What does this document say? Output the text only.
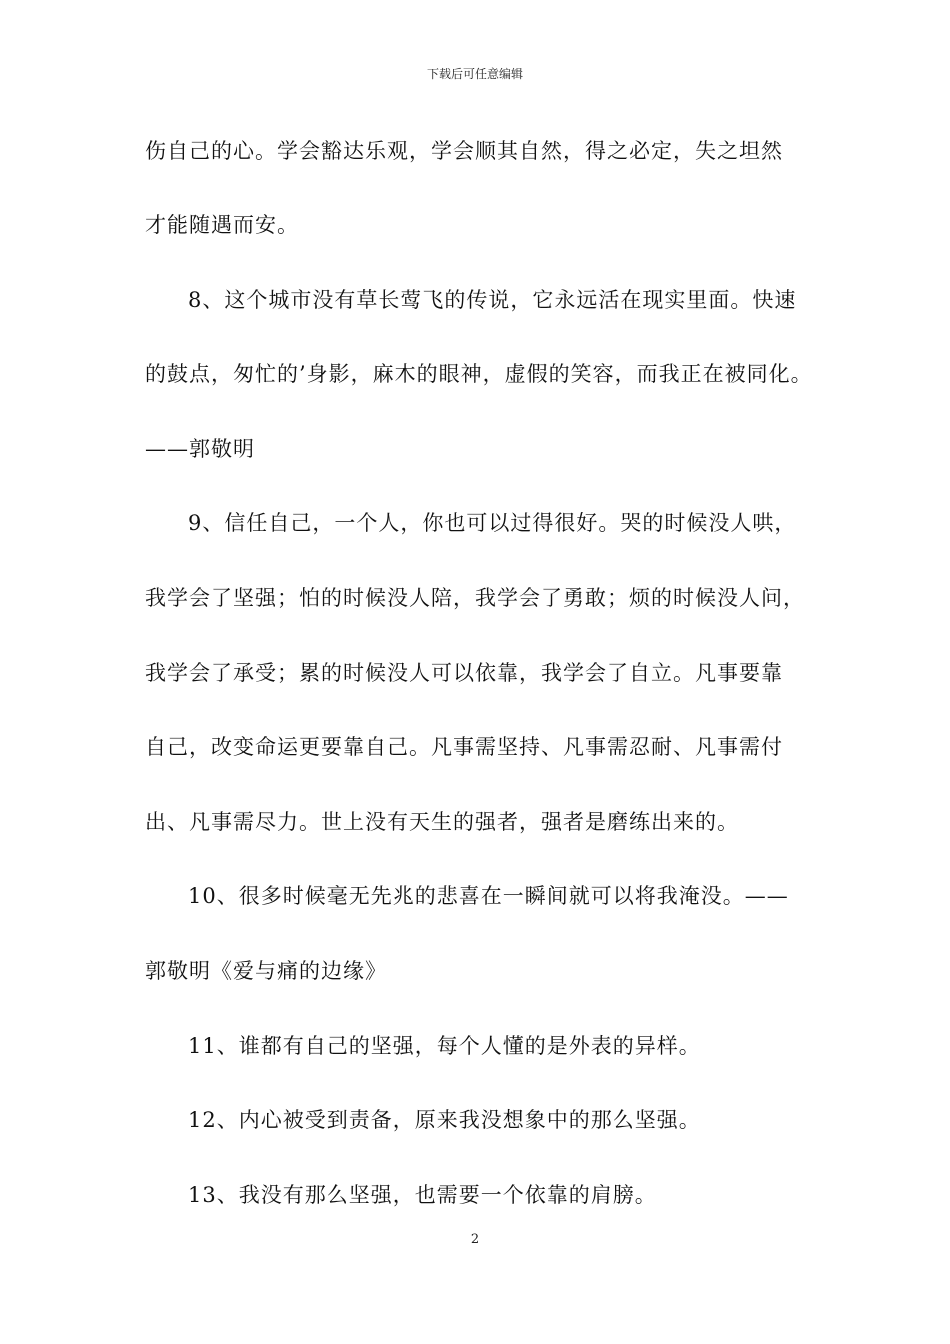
下载后可任意编辑
伤自己的心。学会豁达乐观，学会顺其自然，得之必定，失之坦然
才能随遇而安。
8、这个城市没有草长莺飞的传说，它永远活在现实里面。快速
的鼓点，匆忙的’身影，麻木的眼神，虚假的笑容，而我正在被同化。
——郭敬明
9、信任自己，一个人，你也可以过得很好。哭的时候没人哄，
我学会了坚强；怕的时候没人陪，我学会了勇敢；烦的时候没人问，
我学会了承受；累的时候没人可以依靠，我学会了自立。凡事要靠
自己，改变命运更要靠自己。凡事需坚持、凡事需忍耐、凡事需付
出、凡事需尽力。世上没有天生的强者，强者是磨练出来的。
10、很多时候毫无先兆的悲喜在一瞬间就可以将我淹没。——
郭敬明《爱与痛的边缘》
11、谁都有自己的坚强，每个人懂的是外表的异样。
12、内心被受到责备，原来我没想象中的那么坚强。
13、我没有那么坚强，也需要一个依靠的肩膀。
2
